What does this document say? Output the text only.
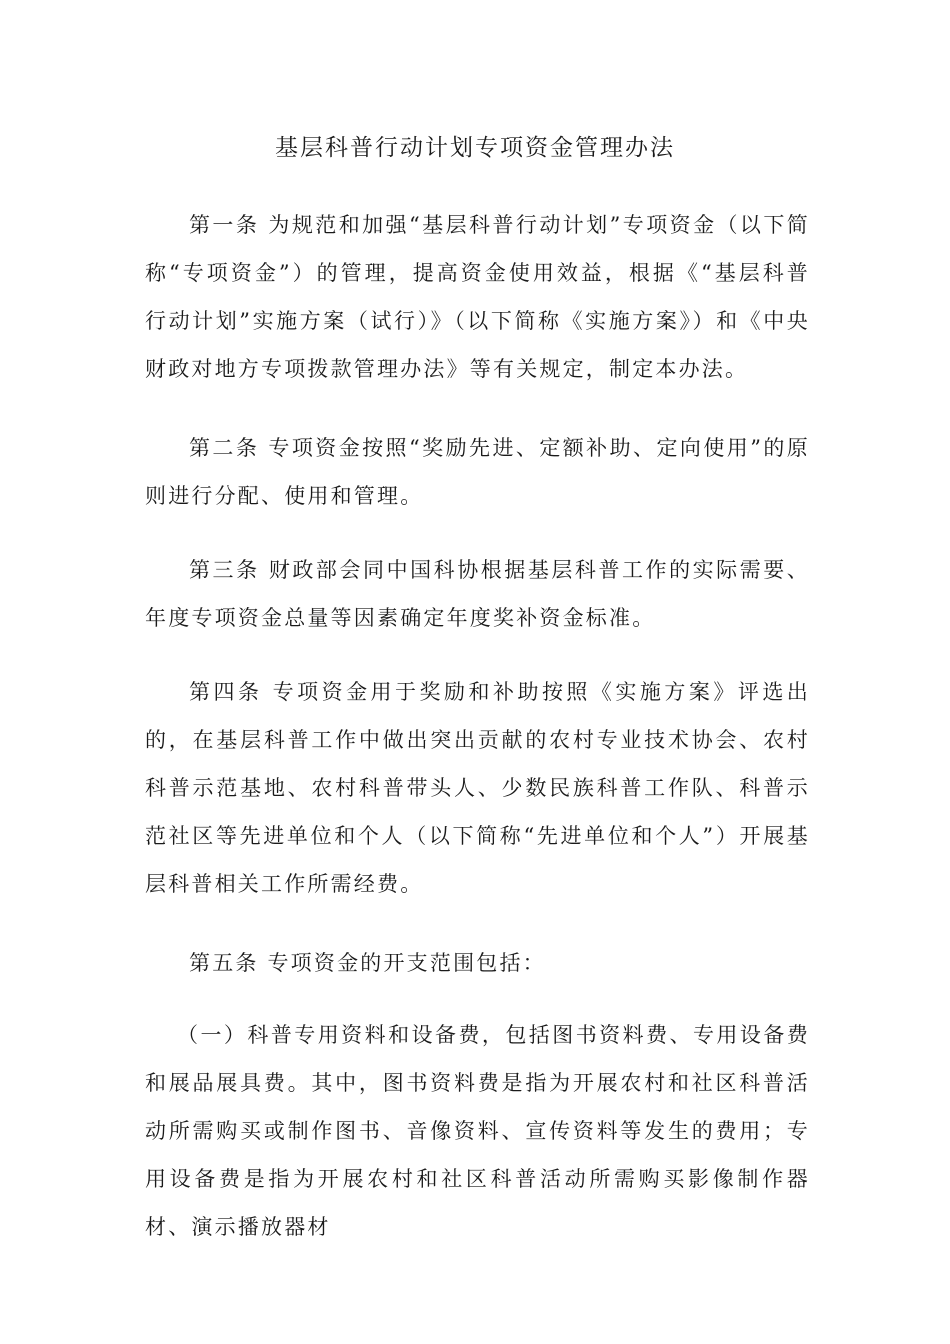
基层科普行动计划专项资金管理办法

第一条 为规范和加强“基层科普行动计划”专项资金（以下简称“专项资金”）的管理，提高资金使用效益，根据《“基层科普行动计划”实施方案（试行）》（以下简称《实施方案》）和《中央财政对地方专项拨款管理办法》等有关规定，制定本办法。

第二条 专项资金按照“奖励先进、定额补助、定向使用”的原则进行分配、使用和管理。

第三条 财政部会同中国科协根据基层科普工作的实际需要、年度专项资金总量等因素确定年度奖补资金标准。

第四条 专项资金用于奖励和补助按照《实施方案》评选出的，在基层科普工作中做出突出贡献的农村专业技术协会、农村科普示范基地、农村科普带头人、少数民族科普工作队、科普示范社区等先进单位和个人（以下简称“先进单位和个人”）开展基层科普相关工作所需经费。

第五条 专项资金的开支范围包括：

（一）科普专用资料和设备费，包括图书资料费、专用设备费和展品展具费。其中，图书资料费是指为开展农村和社区科普活动所需购买或制作图书、音像资料、宣传资料等发生的费用；专用设备费是指为开展农村和社区科普活动所需购买影像制作器材、演示播放器材
